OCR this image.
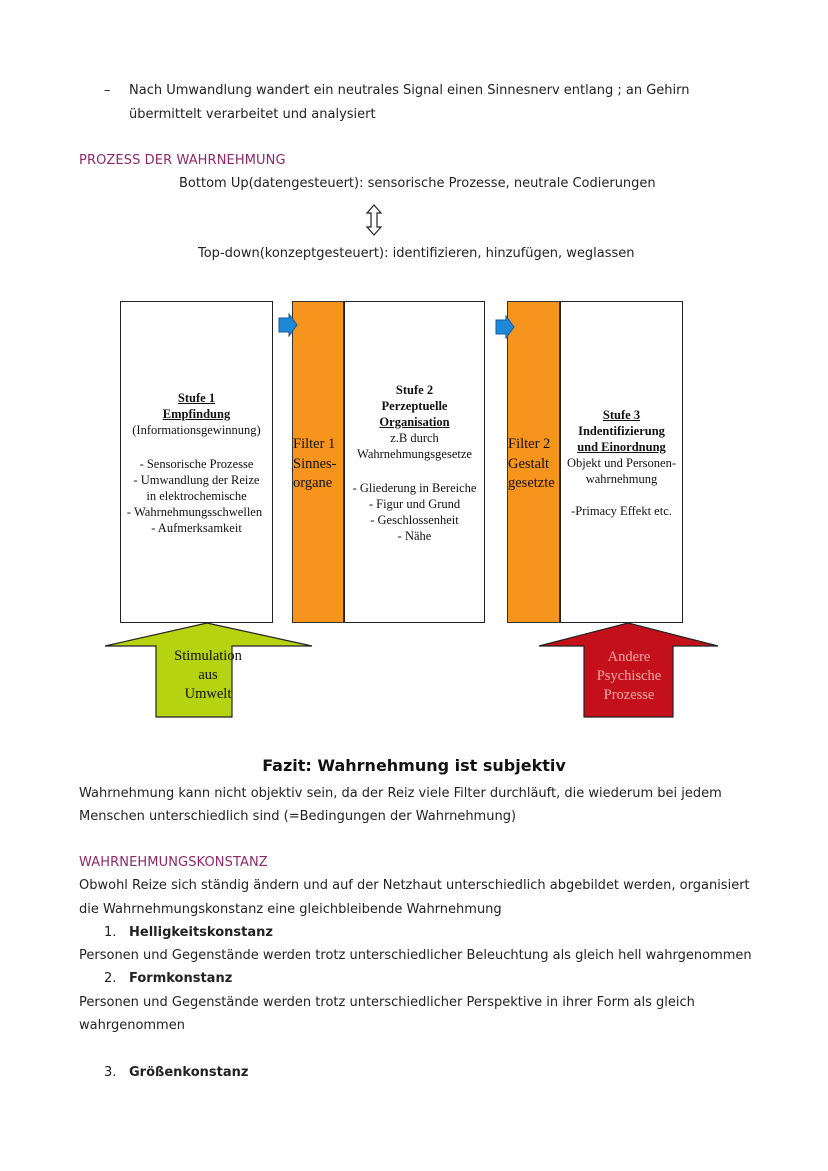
– Nach Umwandlung wandert ein neutrales Signal einen Sinnesnerv entlang ; an Gehirn
übermittelt verarbeitet und analysiert
PROZESS DER WAHRNEHMUNG
Bottom Up(datengesteuert): sensorische Prozesse, neutrale Codierungen
Top-down(konzeptgesteuert): identifizieren, hinzufügen, weglassen
Stufe 1
Empfindung
(Informationsgewinnung)
- Sensorische Prozesse
- Umwandlung der Reize
in elektrochemische
- Wahrnehmungsschwellen
- Aufmerksamkeit
Filter 1
Sinnes-
organe
Stufe 2
Perzeptuelle
Organisation
z.B durch
Wahrnehmungsgesetze
- Gliederung in Bereiche
- Figur und Grund
- Geschlossenheit
- Nähe
Filter 2
Gestalt
gesetzte
Stufe 3
Indentifizierung
und Einordnung
Objekt und Personen-
wahrnehmung
-Primacy Effekt etc.
Stimulation
aus
Umwelt
Andere
Psychische
Prozesse
Fazit: Wahrnehmung ist subjektiv
Wahrnehmung kann nicht objektiv sein, da der Reiz viele Filter durchläuft, die wiederum bei jedem
Menschen unterschiedlich sind (=Bedingungen der Wahrnehmung)
WAHRNEHMUNGSKONSTANZ
Obwohl Reize sich ständig ändern und auf der Netzhaut unterschiedlich abgebildet werden, organisiert
die Wahrnehmungskonstanz eine gleichbleibende Wahrnehmung
1. Helligkeitskonstanz
Personen und Gegenstände werden trotz unterschiedlicher Beleuchtung als gleich hell wahrgenommen
2. Formkonstanz
Personen und Gegenstände werden trotz unterschiedlicher Perspektive in ihrer Form als gleich
wahrgenommen
3. Größenkonstanz
